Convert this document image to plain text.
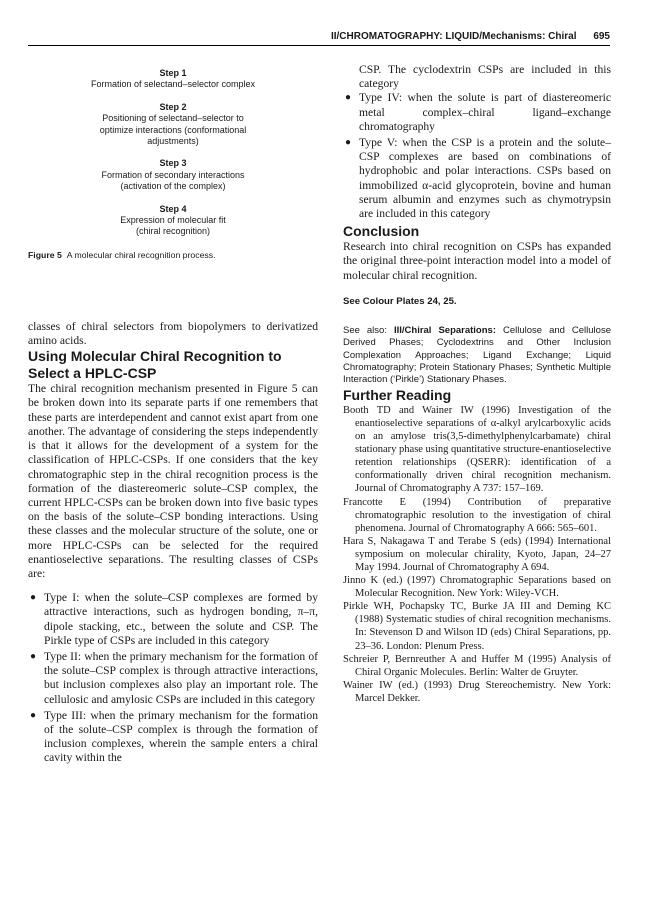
II/CHROMATOGRAPHY: LIQUID/Mechanisms: Chiral 695
Step 1
Formation of selectand–selector complex
Step 2
Positioning of selectand–selector to optimize interactions (conformational adjustments)
Step 3
Formation of secondary interactions (activation of the complex)
Step 4
Expression of molecular fit (chiral recognition)
Figure 5 A molecular chiral recognition process.

classes of chiral selectors from biopolymers to derivatized amino acids.

Using Molecular Chiral Recognition to Select a HPLC-CSP

The chiral recognition mechanism presented in Figure 5 can be broken down into its separate parts if one remembers that these parts are interdependent and cannot exist apart from one another. The advantage of considering the steps independently is that it allows for the development of a system for the classification of HPLC-CSPs. If one considers that the key chromatographic step in the chiral recognition process is the formation of the diastereomeric solute–CSP complex, the current HPLC-CSPs can be broken down into five basic types on the basis of the solute–CSP bonding interactions. Using these classes and the molecular structure of the solute, one or more HPLC-CSPs can be selected for the required enantioselective separations. The resulting classes of CSPs are:

● Type I: when the solute–CSP complexes are formed by attractive interactions, such as hydrogen bonding, π–π, dipole stacking, etc., between the solute and CSP. The Pirkle type of CSPs are included in this category
● Type II: when the primary mechanism for the formation of the solute–CSP complex is through attractive interactions, but inclusion complexes also play an important role. The cellulosic and amylosic CSPs are included in this category
● Type III: when the primary mechanism for the formation of the solute–CSP complex is through the formation of inclusion complexes, wherein the sample enters a chiral cavity within the

CSP. The cyclodextrin CSPs are included in this category

● Type IV: when the solute is part of diastereomeric metal complex–chiral ligand–exchange chromatography
● Type V: when the CSP is a protein and the solute–CSP complexes are based on combinations of hydrophobic and polar interactions. CSPs based on immobilized α-acid glycoprotein, bovine and human serum albumin and enzymes such as chymotrypsin are included in this category
Conclusion

Research into chiral recognition on CSPs has expanded the original three-point interaction model into a model of molecular chiral recognition.

See Colour Plates 24, 25.
See also: III/Chiral Separations: Cellulose and Cellulose Derived Phases; Cyclodextrins and Other Inclusion Complexation Approaches; Ligand Exchange; Liquid Chromatography; Protein Stationary Phases; Synthetic Multiple Interaction (‘Pirkle’) Stationary Phases.
Further Reading
Booth TD and Wainer IW (1996) Investigation of the enantioselective separations of α-alkyl arylcarboxylic acids on an amylose tris(3,5-dimethylphenylcarbamate) chiral stationary phase using quantitative structure-enantioselective retention relationships (QSERR): identification of a conformationally driven chiral recognition mechanism. Journal of Chromatography A 737: 157–169.
Francotte E (1994) Contribution of preparative chromatographic resolution to the investigation of chiral phenomena. Journal of Chromatography A 666: 565–601.
Hara S, Nakagawa T and Terabe S (eds) (1994) International symposium on molecular chirality, Kyoto, Japan, 24–27 May 1994. Journal of Chromatography A 694.
Jinno K (ed.) (1997) Chromatographic Separations based on Molecular Recognition. New York: Wiley-VCH.
Pirkle WH, Pochapsky TC, Burke JA III and Deming KC (1988) Systematic studies of chiral recognition mechanisms. In: Stevenson D and Wilson ID (eds) Chiral Separations, pp. 23–36. London: Plenum Press.
Schreier P, Bernreuther A and Huffer M (1995) Analysis of Chiral Organic Molecules. Berlin: Walter de Gruyter.
Wainer IW (ed.) (1993) Drug Stereochemistry. New York: Marcel Dekker.
